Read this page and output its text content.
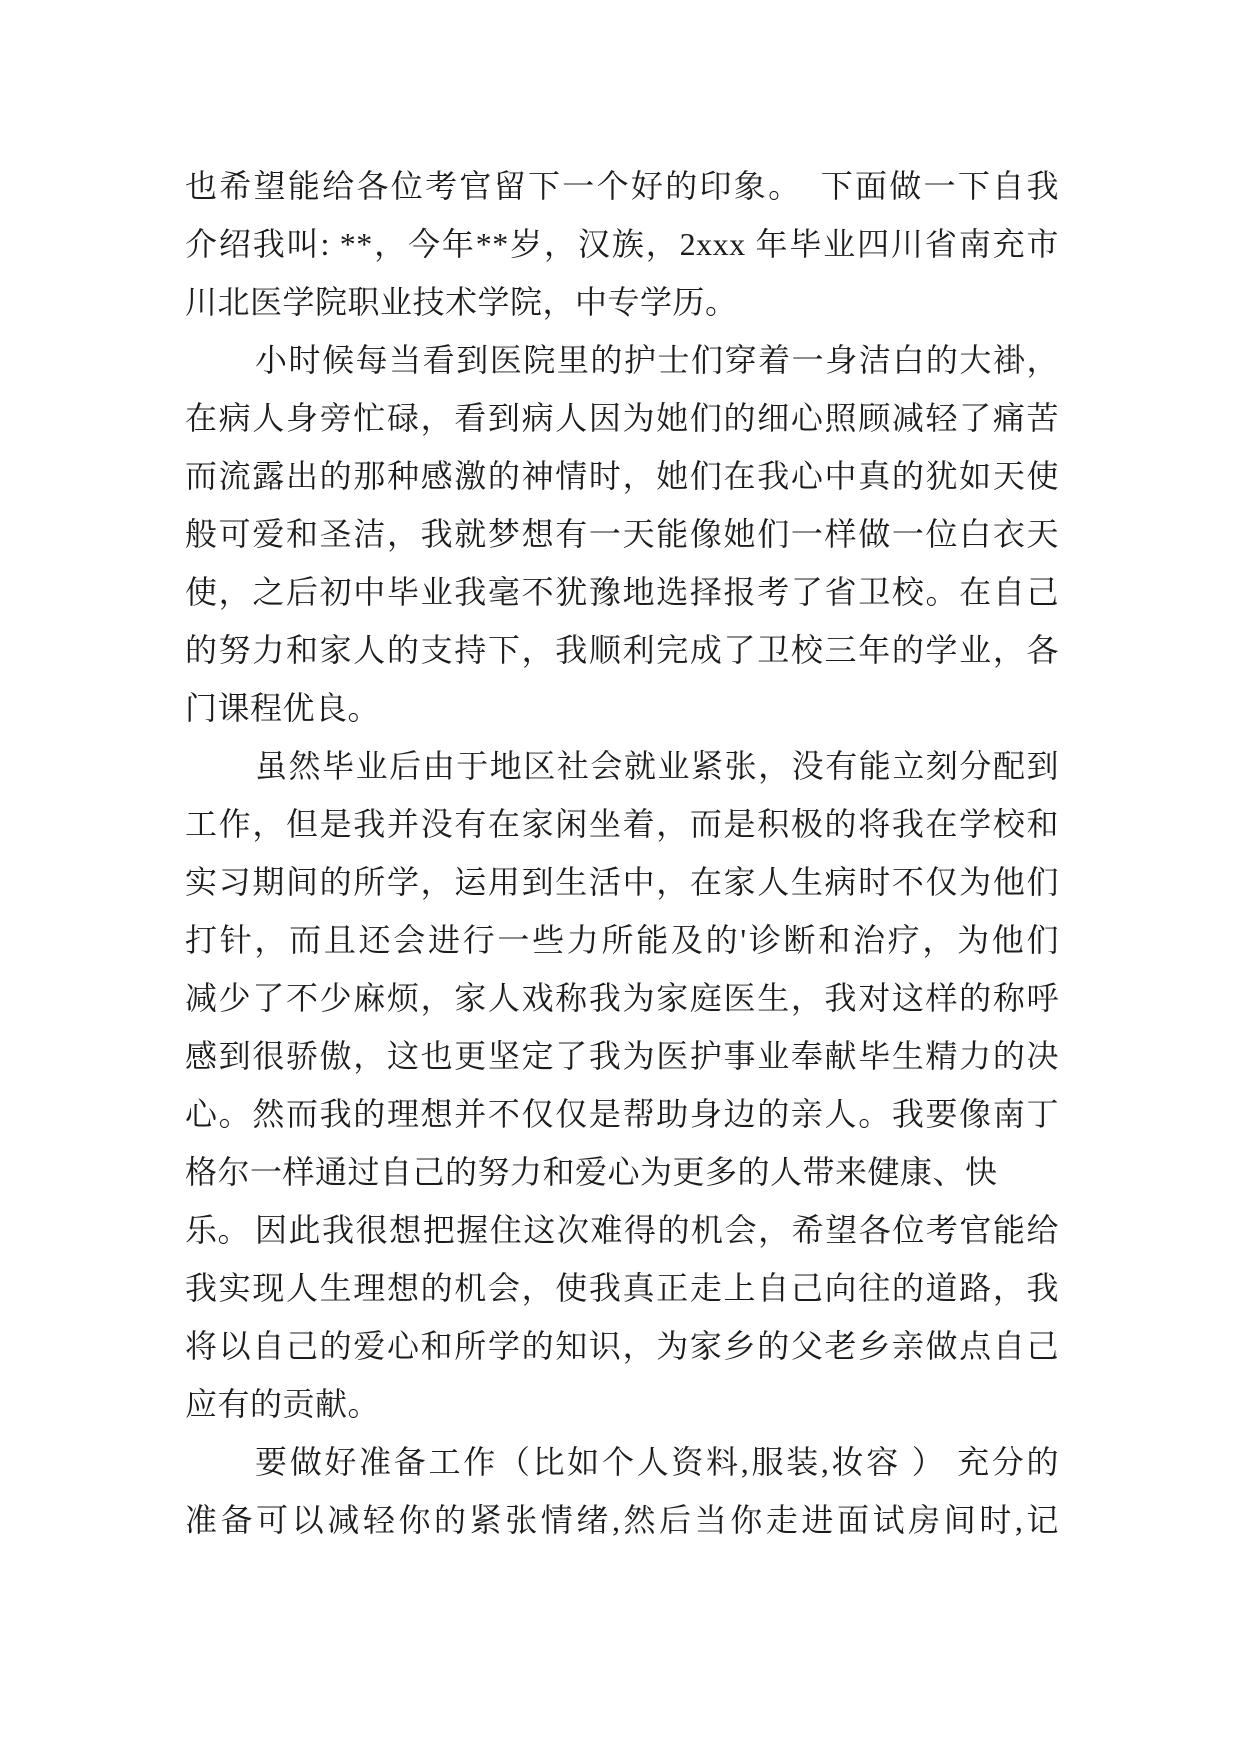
也希望能给各位考官留下一个好的印象。　下面做一下自我
介绍我叫: **，今年**岁，汉族，2xxx 年毕业四川省南充市
川北医学院职业技术学院，中专学历。
小时候每当看到医院里的护士们穿着一身洁白的大褂，
在病人身旁忙碌，看到病人因为她们的细心照顾减轻了痛苦
而流露出的那种感激的神情时，她们在我心中真的犹如天使
般可爱和圣洁，我就梦想有一天能像她们一样做一位白衣天
使，之后初中毕业我毫不犹豫地选择报考了省卫校。在自己
的努力和家人的支持下，我顺利完成了卫校三年的学业，各
门课程优良。
虽然毕业后由于地区社会就业紧张，没有能立刻分配到
工作，但是我并没有在家闲坐着，而是积极的将我在学校和
实习期间的所学，运用到生活中，在家人生病时不仅为他们
打针，而且还会进行一些力所能及的'诊断和治疗，为他们
减少了不少麻烦，家人戏称我为家庭医生，我对这样的称呼
感到很骄傲，这也更坚定了我为医护事业奉献毕生精力的决
心。然而我的理想并不仅仅是帮助身边的亲人。我要像南丁
格尔一样通过自己的努力和爱心为更多的人带来健康、快乐。 因此我很想把握住这次难得的机会，希望各位考官能给
我实现人生理想的机会，使我真正走上自己向往的道路，我
将以自己的爱心和所学的知识，为家乡的父老乡亲做点自己
应有的贡献。
要做好准备工作（比如个人资料,服装,妆容 ） 充分的
准备可以减轻你的紧张情绪,然后当你走进面试房间时,记
